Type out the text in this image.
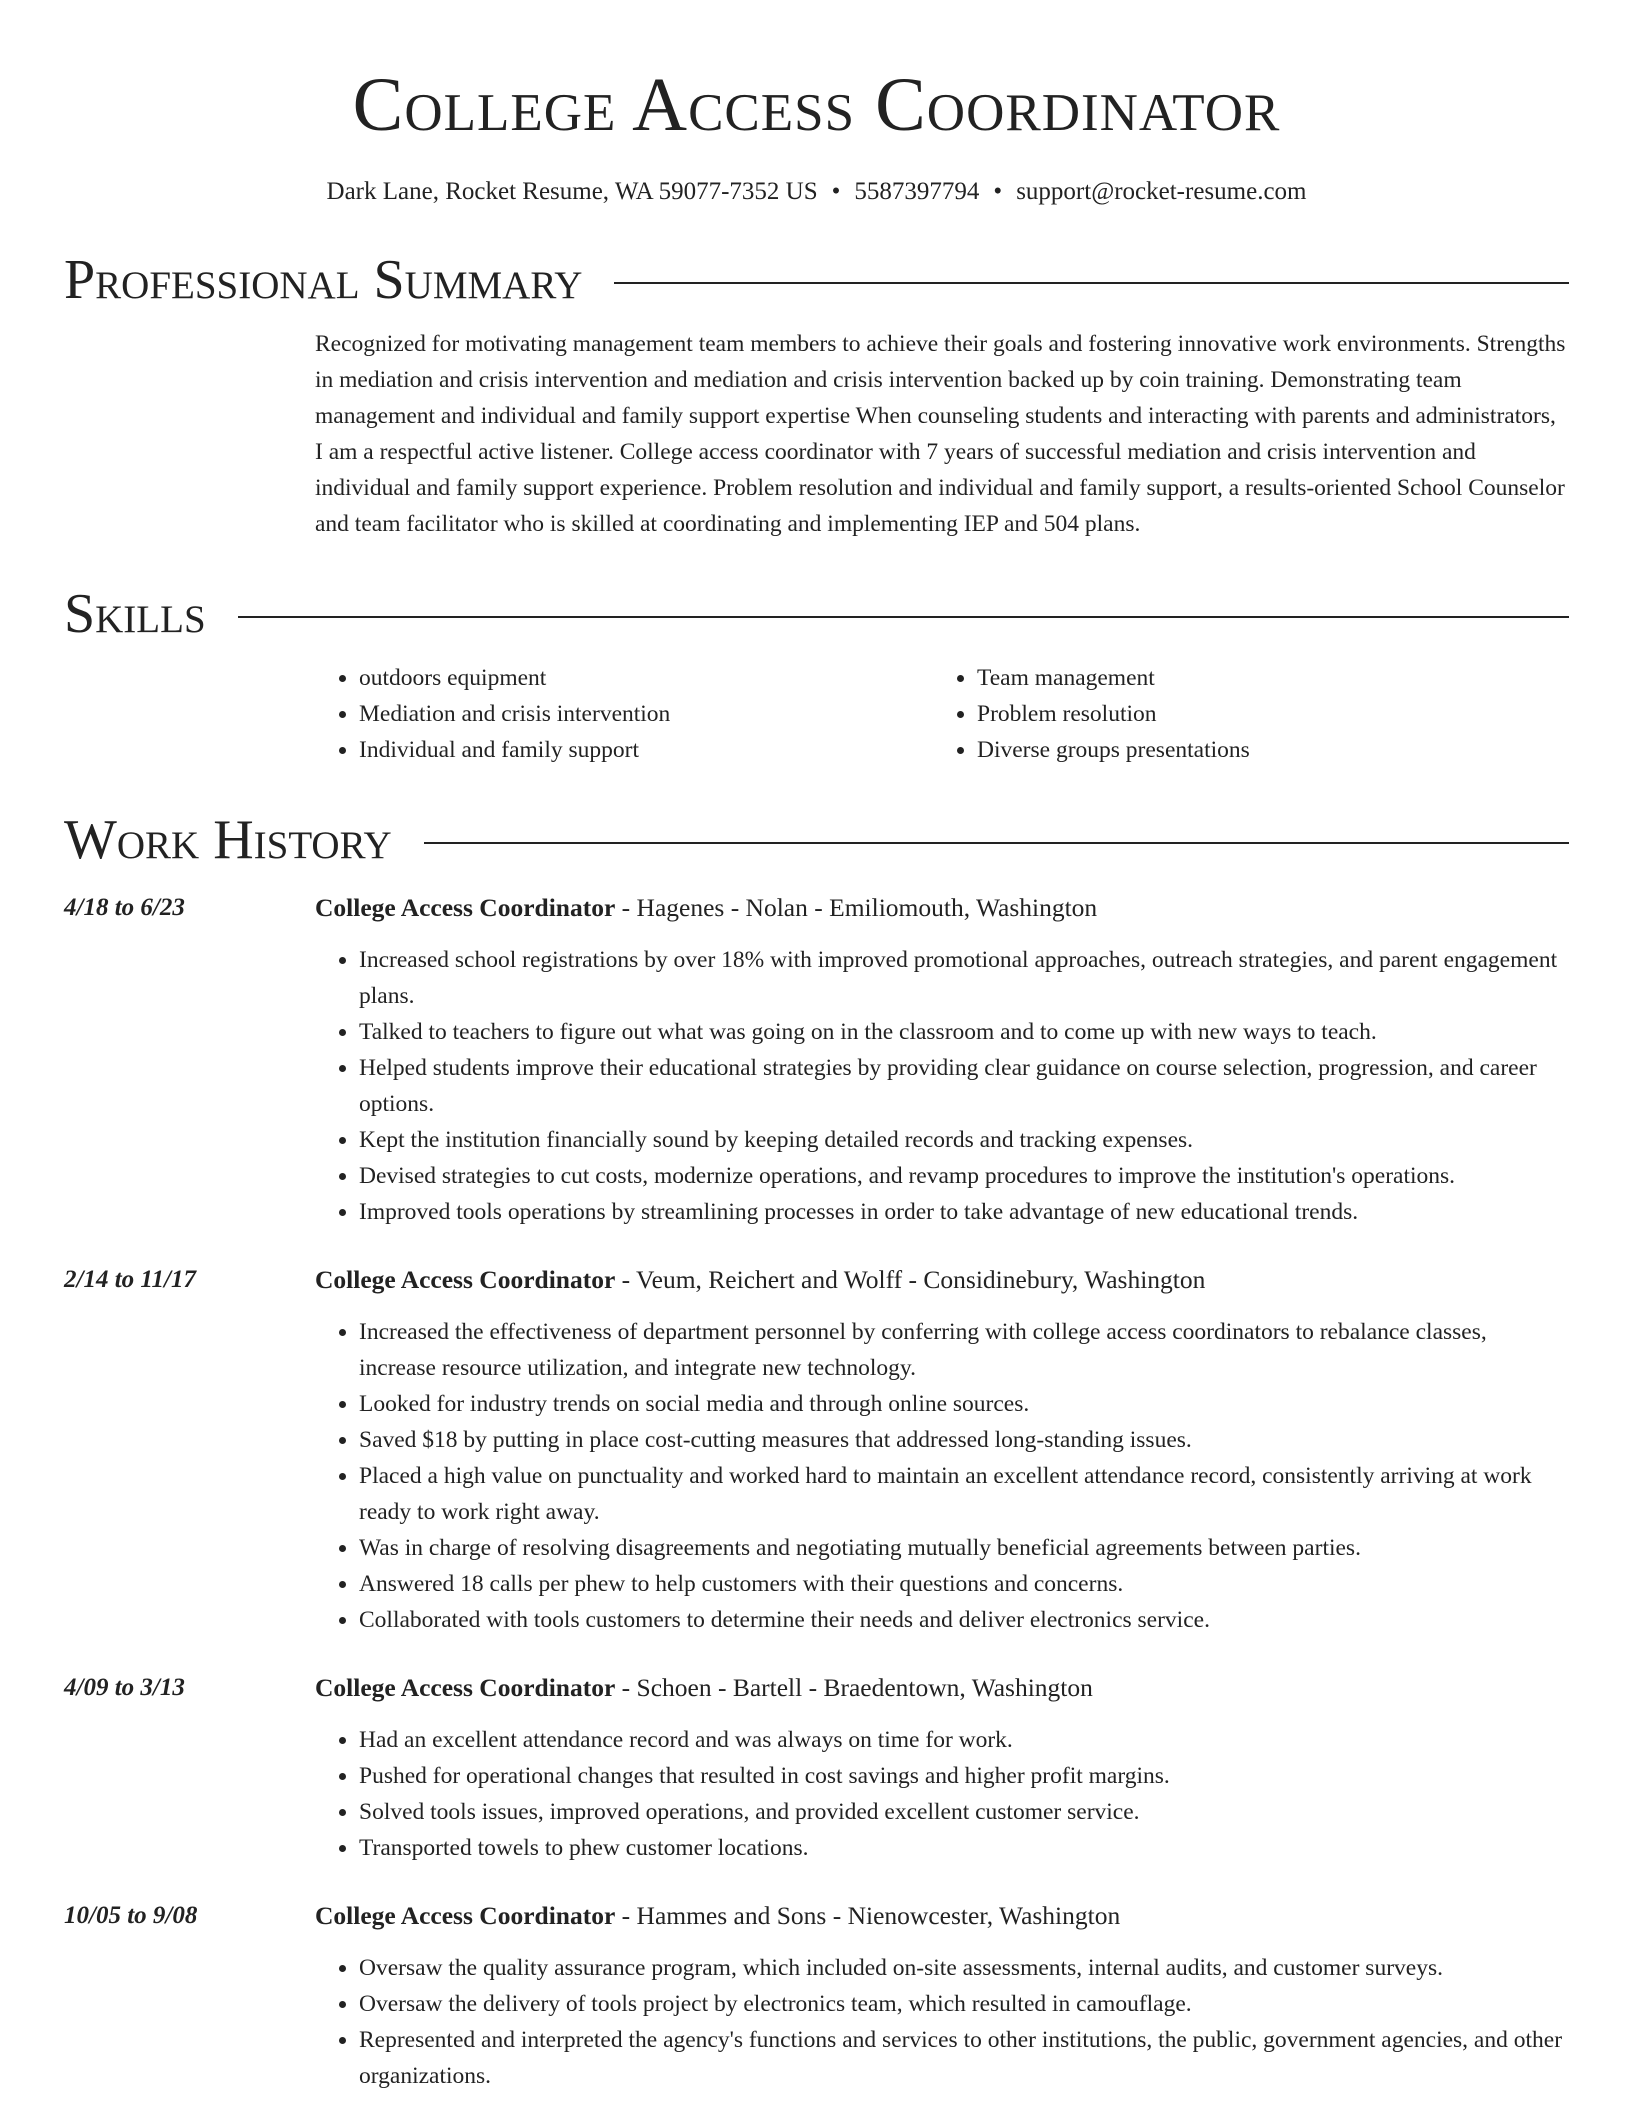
College Access Coordinator
Dark Lane, Rocket Resume, WA 59077-7352 US • 5587397794 • support@rocket-resume.com
Professional Summary
Recognized for motivating management team members to achieve their goals and fostering innovative work environments. Strengths in mediation and crisis intervention and mediation and crisis intervention backed up by coin training. Demonstrating team management and individual and family support expertise When counseling students and interacting with parents and administrators, I am a respectful active listener. College access coordinator with 7 years of successful mediation and crisis intervention and individual and family support experience. Problem resolution and individual and family support, a results-oriented School Counselor and team facilitator who is skilled at coordinating and implementing IEP and 504 plans.
Skills
• outdoors equipment
• Mediation and crisis intervention
• Individual and family support
• Team management
• Problem resolution
• Diverse groups presentations
Work History
4/18 to 6/23	College Access Coordinator - Hagenes - Nolan - Emiliomouth, Washington
• Increased school registrations by over 18% with improved promotional approaches, outreach strategies, and parent engagement plans.
• Talked to teachers to figure out what was going on in the classroom and to come up with new ways to teach.
• Helped students improve their educational strategies by providing clear guidance on course selection, progression, and career options.
• Kept the institution financially sound by keeping detailed records and tracking expenses.
• Devised strategies to cut costs, modernize operations, and revamp procedures to improve the institution's operations.
• Improved tools operations by streamlining processes in order to take advantage of new educational trends.
2/14 to 11/17	College Access Coordinator - Veum, Reichert and Wolff - Considinebury, Washington
• Increased the effectiveness of department personnel by conferring with college access coordinators to rebalance classes, increase resource utilization, and integrate new technology.
• Looked for industry trends on social media and through online sources.
• Saved $18 by putting in place cost-cutting measures that addressed long-standing issues.
• Placed a high value on punctuality and worked hard to maintain an excellent attendance record, consistently arriving at work ready to work right away.
• Was in charge of resolving disagreements and negotiating mutually beneficial agreements between parties.
• Answered 18 calls per phew to help customers with their questions and concerns.
• Collaborated with tools customers to determine their needs and deliver electronics service.
4/09 to 3/13	College Access Coordinator - Schoen - Bartell - Braedentown, Washington
• Had an excellent attendance record and was always on time for work.
• Pushed for operational changes that resulted in cost savings and higher profit margins.
• Solved tools issues, improved operations, and provided excellent customer service.
• Transported towels to phew customer locations.
10/05 to 9/08	College Access Coordinator - Hammes and Sons - Nienowcester, Washington
• Oversaw the quality assurance program, which included on-site assessments, internal audits, and customer surveys.
• Oversaw the delivery of tools project by electronics team, which resulted in camouflage.
• Represented and interpreted the agency's functions and services to other institutions, the public, government agencies, and other organizations.
